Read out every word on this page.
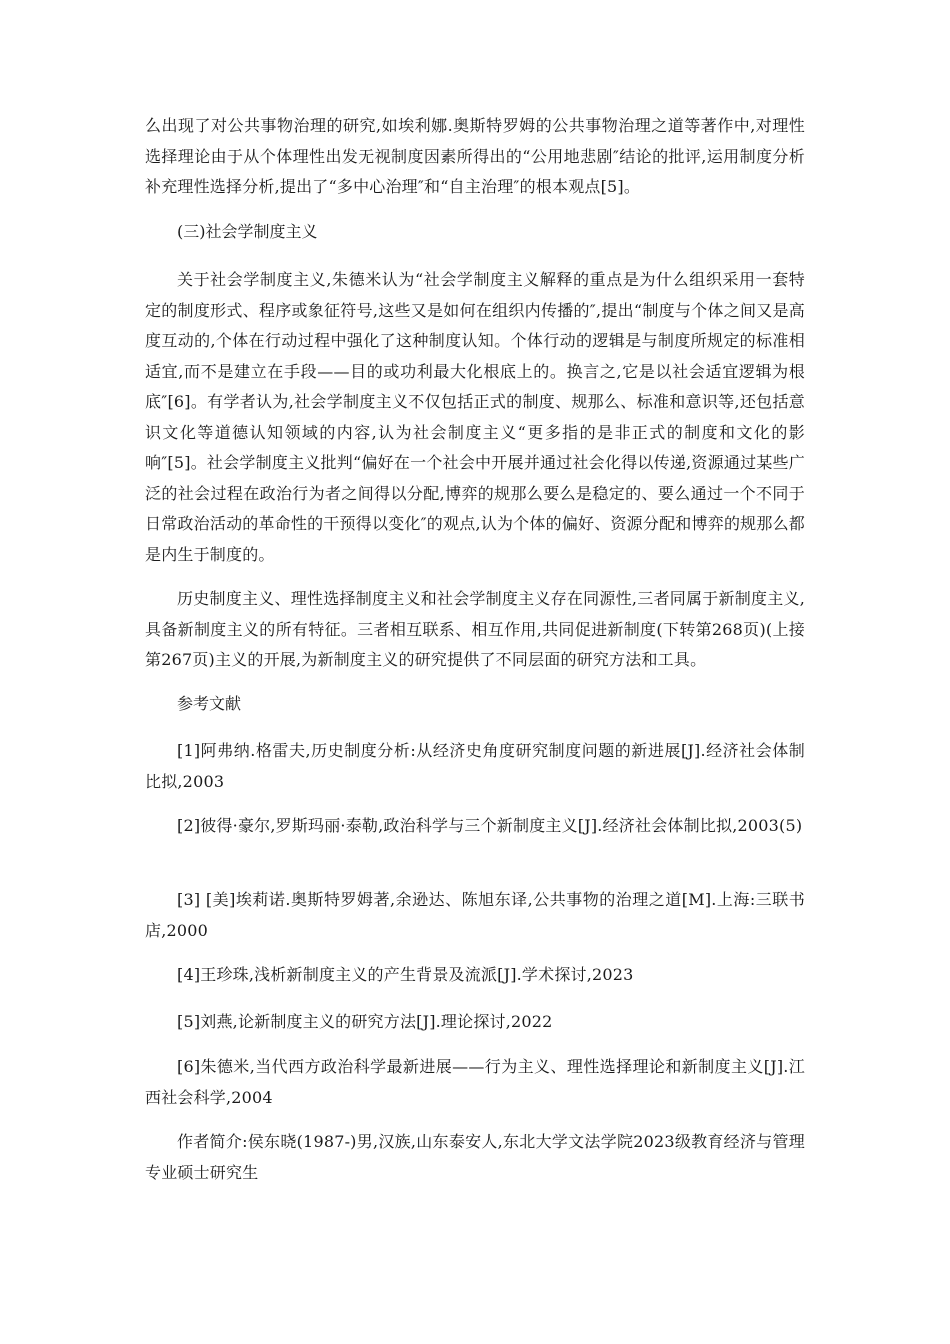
么出现了对公共事物治理的研究,如埃利娜.奥斯特罗姆的公共事物治理之道等著作中,对理性选择理论由于从个体理性出发无视制度因素所得出的“公用地悲剧″结论的批评,运用制度分析补充理性选择分析,提出了“多中心治理″和“自主治理″的根本观点[5]。

(三)社会学制度主义

关于社会学制度主义,朱德米认为“社会学制度主义解释的重点是为什么组织采用一套特定的制度形式、程序或象征符号,这些又是如何在组织内传播的″,提出“制度与个体之间又是高度互动的,个体在行动过程中强化了这种制度认知。个体行动的逻辑是与制度所规定的标准相适宜,而不是建立在手段——目的或功利最大化根底上的。换言之,它是以社会适宜逻辑为根底″[6]。有学者认为,社会学制度主义不仅包括正式的制度、规那么、标准和意识等,还包括意识文化等道德认知领域的内容,认为社会制度主义“更多指的是非正式的制度和文化的影响″[5]。社会学制度主义批判“偏好在一个社会中开展并通过社会化得以传递,资源通过某些广泛的社会过程在政治行为者之间得以分配,博弈的规那么要么是稳定的、要么通过一个不同于日常政治活动的革命性的干预得以变化″的观点,认为个体的偏好、资源分配和博弈的规那么都是内生于制度的。

历史制度主义、理性选择制度主义和社会学制度主义存在同源性,三者同属于新制度主义,具备新制度主义的所有特征。三者相互联系、相互作用,共同促进新制度(下转第268页)(上接第267页)主义的开展,为新制度主义的研究提供了不同层面的研究方法和工具。

参考文献

[1]阿弗纳.格雷夫,历史制度分析:从经济史角度研究制度问题的新进展[J].经济社会体制比拟,2003

[2]彼得·豪尔,罗斯玛丽·泰勒,政治科学与三个新制度主义[J].经济社会体制比拟,2003(5)

[3] [美]埃莉诺.奥斯特罗姆著,余逊达、陈旭东译,公共事物的治理之道[M].上海:三联书店,2000

[4]王珍珠,浅析新制度主义的产生背景及流派[J].学术探讨,2023

[5]刘燕,论新制度主义的研究方法[J].理论探讨,2022

[6]朱德米,当代西方政治科学最新进展——行为主义、理性选择理论和新制度主义[J].江西社会科学,2004

作者简介:侯东晓(1987-)男,汉族,山东泰安人,东北大学文法学院2023级教育经济与管理专业硕士研究生
